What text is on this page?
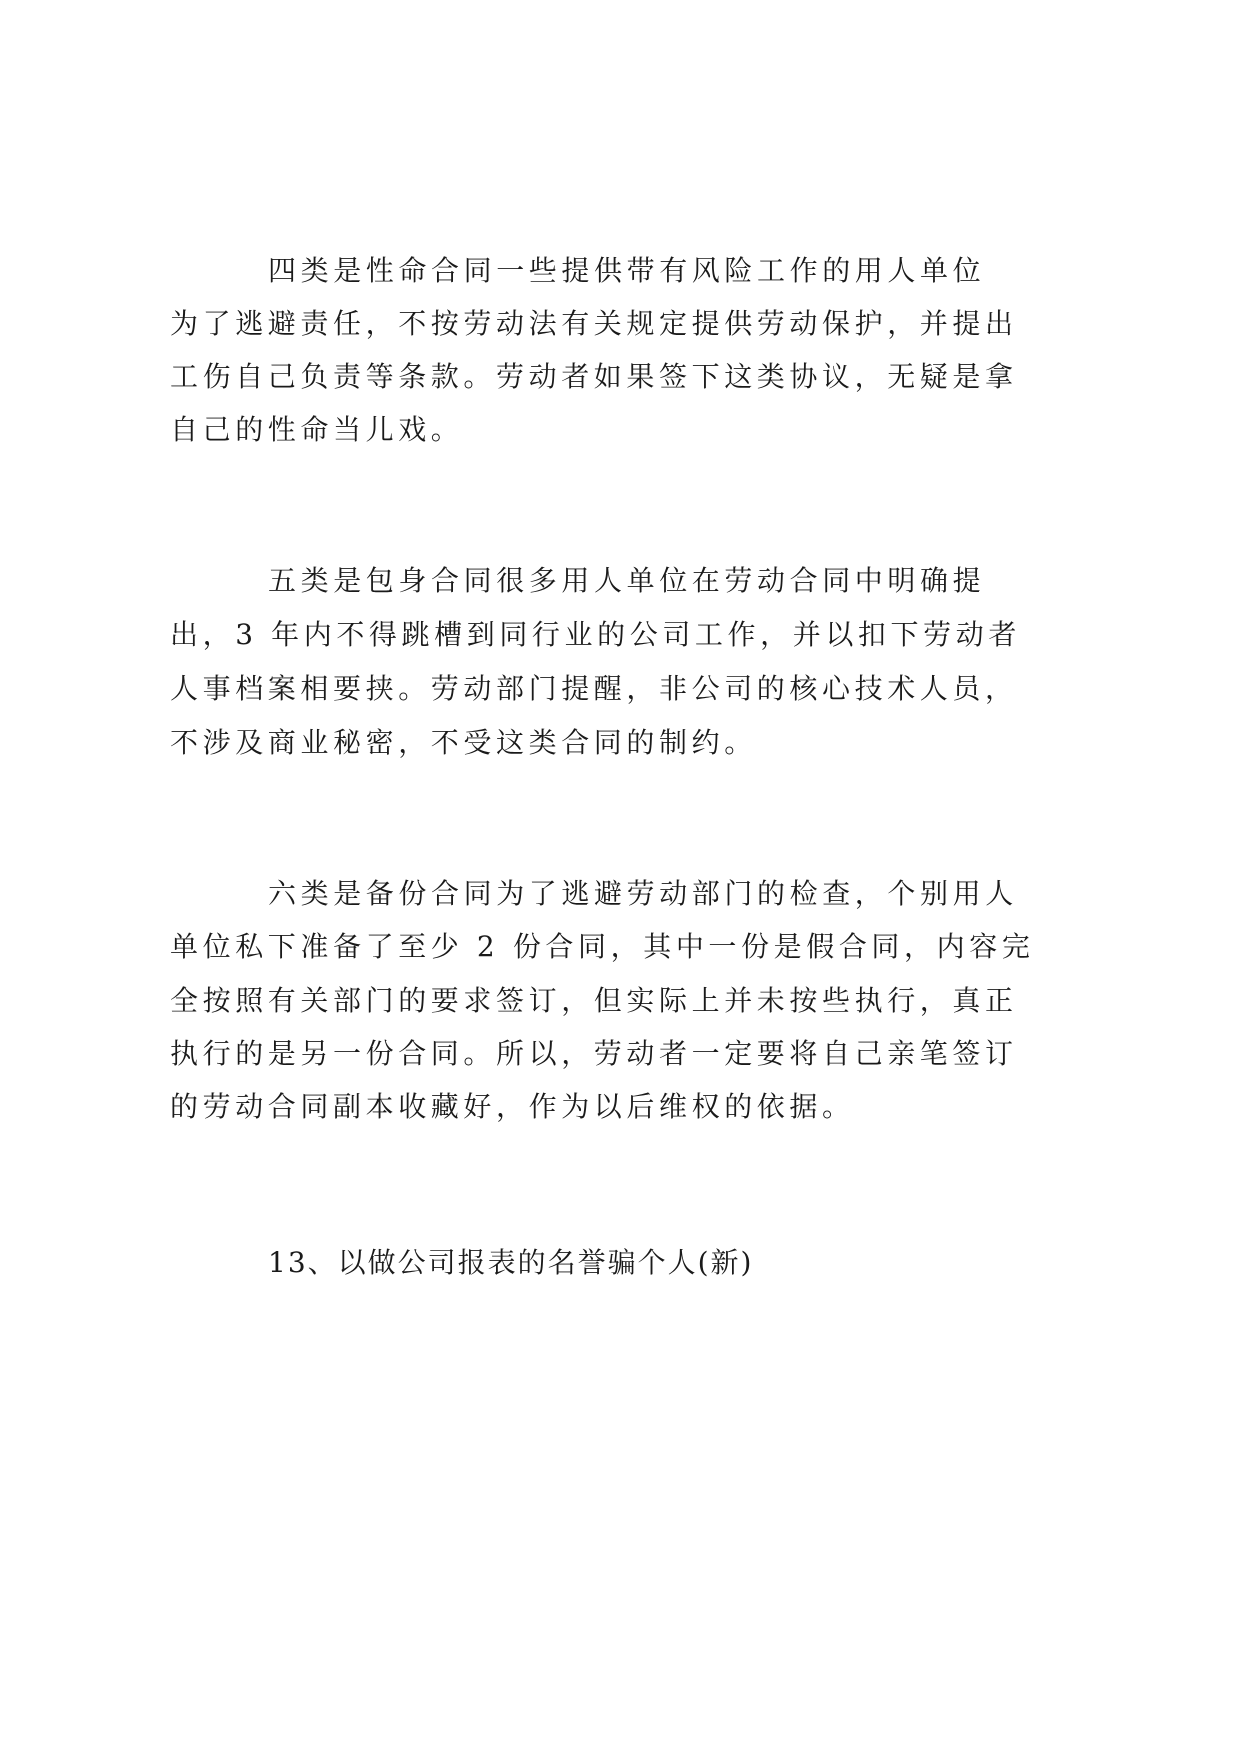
四类是性命合同一些提供带有风险工作的用人单位
为了逃避责任，不按劳动法有关规定提供劳动保护，并提出
工伤自己负责等条款。劳动者如果签下这类协议，无疑是拿
自己的性命当儿戏。
五类是包身合同很多用人单位在劳动合同中明确提
出，3 年内不得跳槽到同行业的公司工作，并以扣下劳动者
人事档案相要挟。劳动部门提醒，非公司的核心技术人员，
不涉及商业秘密，不受这类合同的制约。
六类是备份合同为了逃避劳动部门的检查，个别用人
单位私下准备了至少 2 份合同，其中一份是假合同，内容完
全按照有关部门的要求签订，但实际上并未按些执行，真正
执行的是另一份合同。所以，劳动者一定要将自己亲笔签订
的劳动合同副本收藏好，作为以后维权的依据。
13、以做公司报表的名誉骗个人(新)
